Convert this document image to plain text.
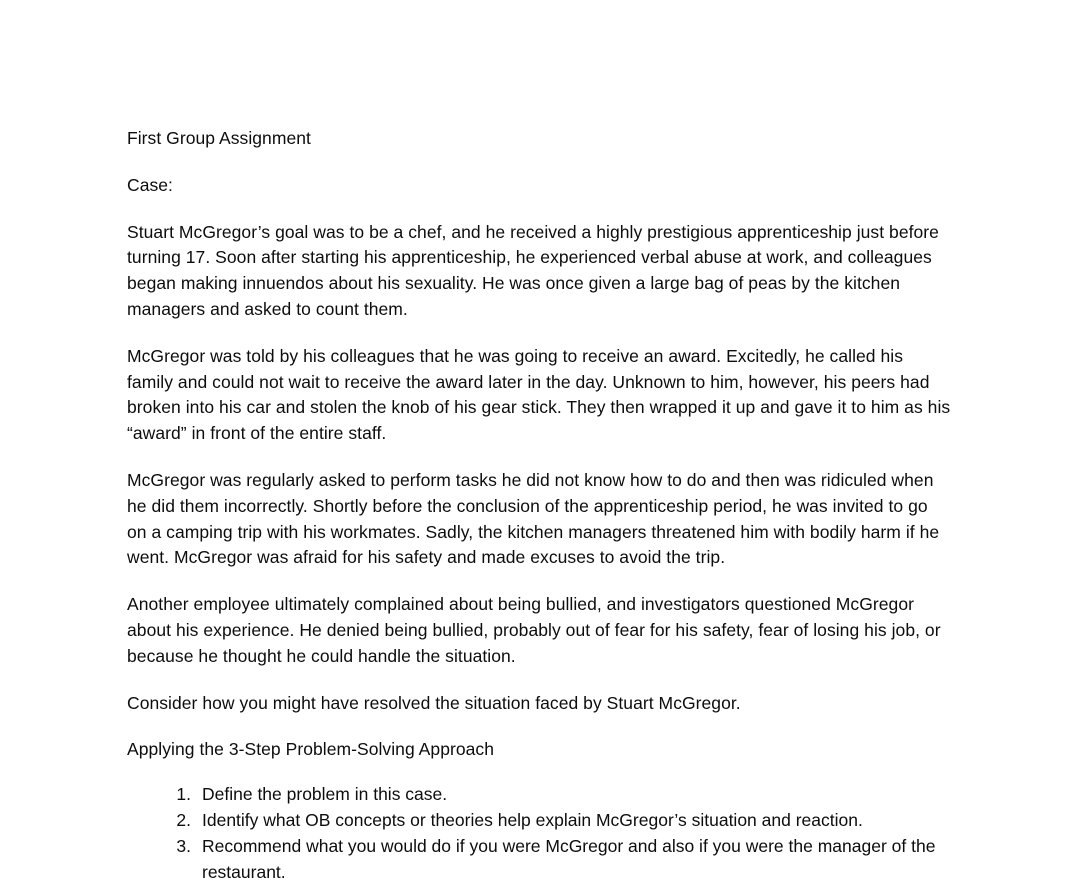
First Group Assignment

Case:

Stuart McGregor’s goal was to be a chef, and he received a highly prestigious apprenticeship just before turning 17. Soon after starting his apprenticeship, he experienced verbal abuse at work, and colleagues began making innuendos about his sexuality. He was once given a large bag of peas by the kitchen managers and asked to count them.

McGregor was told by his colleagues that he was going to receive an award. Excitedly, he called his family and could not wait to receive the award later in the day. Unknown to him, however, his peers had broken into his car and stolen the knob of his gear stick. They then wrapped it up and gave it to him as his “award” in front of the entire staff.

McGregor was regularly asked to perform tasks he did not know how to do and then was ridiculed when he did them incorrectly. Shortly before the conclusion of the apprenticeship period, he was invited to go on a camping trip with his workmates. Sadly, the kitchen managers threatened him with bodily harm if he went. McGregor was afraid for his safety and made excuses to avoid the trip.

Another employee ultimately complained about being bullied, and investigators questioned McGregor about his experience. He denied being bullied, probably out of fear for his safety, fear of losing his job, or because he thought he could handle the situation.

Consider how you might have resolved the situation faced by Stuart McGregor.

Applying the 3-Step Problem-Solving Approach

1. Define the problem in this case.
2. Identify what OB concepts or theories help explain McGregor’s situation and reaction.
3. Recommend what you would do if you were McGregor and also if you were the manager of the restaurant.
